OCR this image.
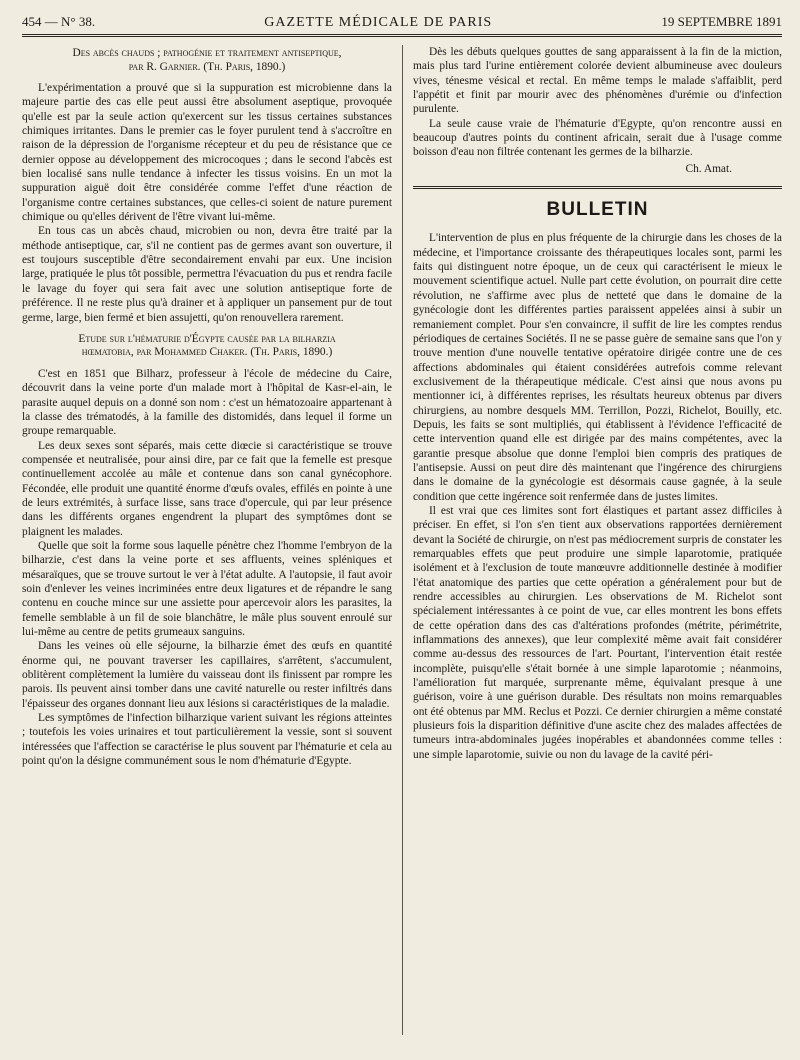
454 — N° 38.	GAZETTE MÉDICALE DE PARIS	19 SEPTEMBRE 1891
Des abcès chauds ; pathogénie et traitement antiseptique,
par R. Garnier. (Th. Paris, 1890.)

L'expérimentation a prouvé que si la suppuration est microbienne dans la majeure partie des cas elle peut aussi être absolument aseptique, provoquée qu'elle est par la seule action qu'exercent sur les tissus certaines substances chimiques irritantes. Dans le premier cas le foyer purulent tend à s'accroître en raison de la dépression de l'organisme récepteur et du peu de résistance que ce dernier oppose au développement des microcoques ; dans le second l'abcès est bien localisé sans nulle tendance à infecter les tissus voisins. En un mot la suppuration aiguë doit être considérée comme l'effet d'une réaction de l'organisme contre certaines substances, que celles-ci soient de nature purement chimique ou qu'elles dérivent de l'être vivant lui-même.

En tous cas un abcès chaud, microbien ou non, devra être traité par la méthode antiseptique, car, s'il ne contient pas de germes avant son ouverture, il est toujours susceptible d'être secondairement envahi par eux. Une incision large, pratiquée le plus tôt possible, permettra l'évacuation du pus et rendra facile le lavage du foyer qui sera fait avec une solution antiseptique forte de préférence. Il ne reste plus qu'à drainer et à appliquer un pansement pur de tout germe, large, bien fermé et bien assujetti, qu'on renouvellera rarement.

Etude sur l'hématurie d'Égypte causée par la bilharzia
hœmatobia, par Mohammed Chaker. (Th. Paris, 1890.)

C'est en 1851 que Bilharz, professeur à l'école de médecine du Caire, découvrit dans la veine porte d'un malade mort à l'hôpital de Kasr-el-ain, le parasite auquel depuis on a donné son nom : c'est un hématozoaire appartenant à la classe des trématodés, à la famille des distomidés, dans lequel il forme un groupe remarquable.

Les deux sexes sont séparés, mais cette diœcie si caractéristique se trouve compensée et neutralisée, pour ainsi dire, par ce fait que la femelle est presque continuellement accolée au mâle et contenue dans son canal gynécophore. Fécondée, elle produit une quantité énorme d'œufs ovales, effilés en pointe à une de leurs extrémités, à surface lisse, sans trace d'opercule, qui par leur présence dans les différents organes engendrent la plupart des symptômes dont se plaignent les malades.

Quelle que soit la forme sous laquelle pénètre chez l'homme l'embryon de la bilharzie, c'est dans la veine porte et ses affluents, veines spléniques et mésaraïques, que se trouve surtout le ver à l'état adulte. A l'autopsie, il faut avoir soin d'enlever les veines incriminées entre deux ligatures et de répandre le sang contenu en couche mince sur une assiette pour apercevoir alors les parasites, la femelle semblable à un fil de soie blanchâtre, le mâle plus souvent enroulé sur lui-même au centre de petits grumeaux sanguins.

Dans les veines où elle séjourne, la bilharzie émet des œufs en quantité énorme qui, ne pouvant traverser les capillaires, s'arrêtent, s'accumulent, oblitèrent complètement la lumière du vaisseau dont ils finissent par rompre les parois. Ils peuvent ainsi tomber dans une cavité naturelle ou rester infiltrés dans l'épaisseur des organes donnant lieu aux lésions si caractéristiques de la maladie.

Les symptômes de l'infection bilharzique varient suivant les régions atteintes ; toutefois les voies urinaires et tout particulièrement la vessie, sont si souvent intéressées que l'affection se caractérise le plus souvent par l'hématurie et cela au point qu'on la désigne communément sous le nom d'hématurie d'Egypte.

Dès les débuts quelques gouttes de sang apparaissent à la fin de la miction, mais plus tard l'urine entièrement colorée devient albumineuse avec douleurs vives, ténesme vésical et rectal. En même temps le malade s'affaiblit, perd l'appétit et finit par mourir avec des phénomènes d'urémie ou d'infection purulente.

La seule cause vraie de l'hématurie d'Egypte, qu'on rencontre aussi en beaucoup d'autres points du continent africain, serait due à l'usage comme boisson d'eau non filtrée contenant les germes de la bilharzie.

Ch. Amat.
BULLETIN

L'intervention de plus en plus fréquente de la chirurgie dans les choses de la médecine, et l'importance croissante des thérapeutiques locales sont, parmi les faits qui distinguent notre époque, un de ceux qui caractérisent le mieux le mouvement scientifique actuel. Nulle part cette évolution, on pourrait dire cette révolution, ne s'affirme avec plus de netteté que dans le domaine de la gynécologie dont les différentes parties paraissent appelées ainsi à subir un remaniement complet. Pour s'en convaincre, il suffit de lire les comptes rendus périodiques de certaines Sociétés. Il ne se passe guère de semaine sans que l'on y trouve mention d'une nouvelle tentative opératoire dirigée contre une de ces affections abdominales qui étaient considérées autrefois comme relevant exclusivement de la thérapeutique médicale. C'est ainsi que nous avons pu mentionner ici, à différentes reprises, les résultats heureux obtenus par divers chirurgiens, au nombre desquels MM. Terrillon, Pozzi, Richelot, Bouilly, etc. Depuis, les faits se sont multipliés, qui établissent à l'évidence l'efficacité de cette intervention quand elle est dirigée par des mains compétentes, avec la garantie presque absolue que donne l'emploi bien compris des pratiques de l'antisepsie. Aussi on peut dire dès maintenant que l'ingérence des chirurgiens dans le domaine de la gynécologie est désormais cause gagnée, à la seule condition que cette ingérence soit renfermée dans de justes limites.

Il est vrai que ces limites sont fort élastiques et partant assez difficiles à préciser. En effet, si l'on s'en tient aux observations rapportées dernièrement devant la Société de chirurgie, on n'est pas médiocrement surpris de constater les remarquables effets que peut produire une simple laparotomie, pratiquée isolément et à l'exclusion de toute manœuvre additionnelle destinée à modifier l'état anatomique des parties que cette opération a généralement pour but de rendre accessibles au chirurgien. Les observations de M. Richelot sont spécialement intéressantes à ce point de vue, car elles montrent les bons effets de cette opération dans des cas d'altérations profondes (métrite, périmétrite, inflammations des annexes), que leur complexité même avait fait considérer comme au-dessus des ressources de l'art. Pourtant, l'intervention était restée incomplète, puisqu'elle s'était bornée à une simple laparotomie ; néanmoins, l'amélioration fut marquée, surprenante même, équivalant presque à une guérison, voire à une guérison durable. Des résultats non moins remarquables ont été obtenus par MM. Reclus et Pozzi. Ce dernier chirurgien a même constaté plusieurs fois la disparition définitive d'une ascite chez des malades affectées de tumeurs intra-abdominales jugées inopérables et abandonnées comme telles : une simple laparotomie, suivie ou non du lavage de la cavité péri-
